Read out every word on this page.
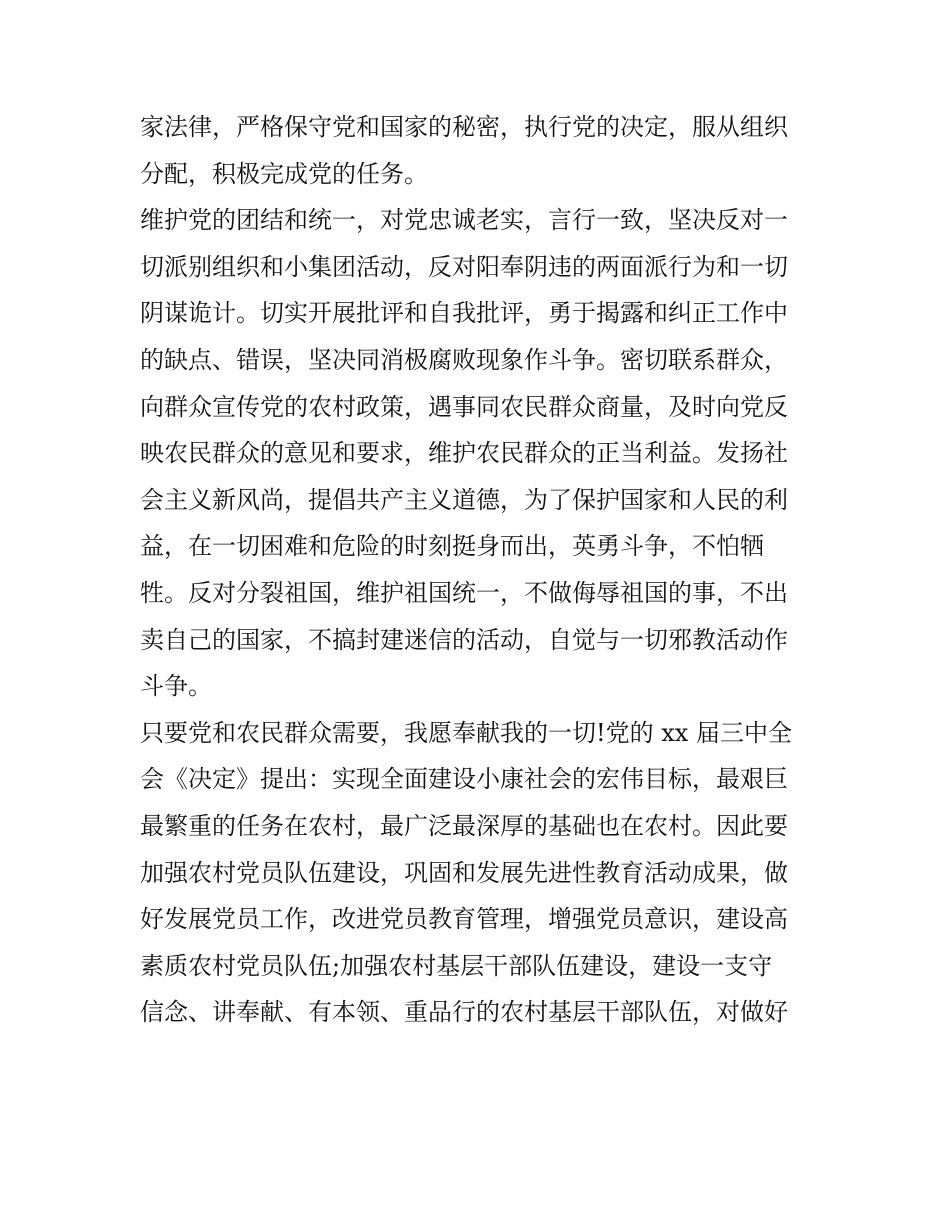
家法律，严格保守党和国家的秘密，执行党的决定，服从组织
分配，积极完成党的任务。
维护党的团结和统一，对党忠诚老实，言行一致，坚决反对一
切派别组织和小集团活动，反对阳奉阴违的两面派行为和一切
阴谋诡计。切实开展批评和自我批评，勇于揭露和纠正工作中
的缺点、错误，坚决同消极腐败现象作斗争。密切联系群众，
向群众宣传党的农村政策，遇事同农民群众商量，及时向党反
映农民群众的意见和要求，维护农民群众的正当利益。发扬社
会主义新风尚，提倡共产主义道德，为了保护国家和人民的利
益，在一切困难和危险的时刻挺身而出，英勇斗争，不怕牺
牲。反对分裂祖国，维护祖国统一，不做侮辱祖国的事，不出
卖自己的国家，不搞封建迷信的活动，自觉与一切邪教活动作
斗争。
只要党和农民群众需要，我愿奉献我的一切!党的 xx 届三中全
会《决定》提出：实现全面建设小康社会的宏伟目标，最艰巨
最繁重的任务在农村，最广泛最深厚的基础也在农村。因此要
加强农村党员队伍建设，巩固和发展先进性教育活动成果，做
好发展党员工作，改进党员教育管理，增强党员意识，建设高
素质农村党员队伍;加强农村基层干部队伍建设，建设一支守
信念、讲奉献、有本领、重品行的农村基层干部队伍，对做好
